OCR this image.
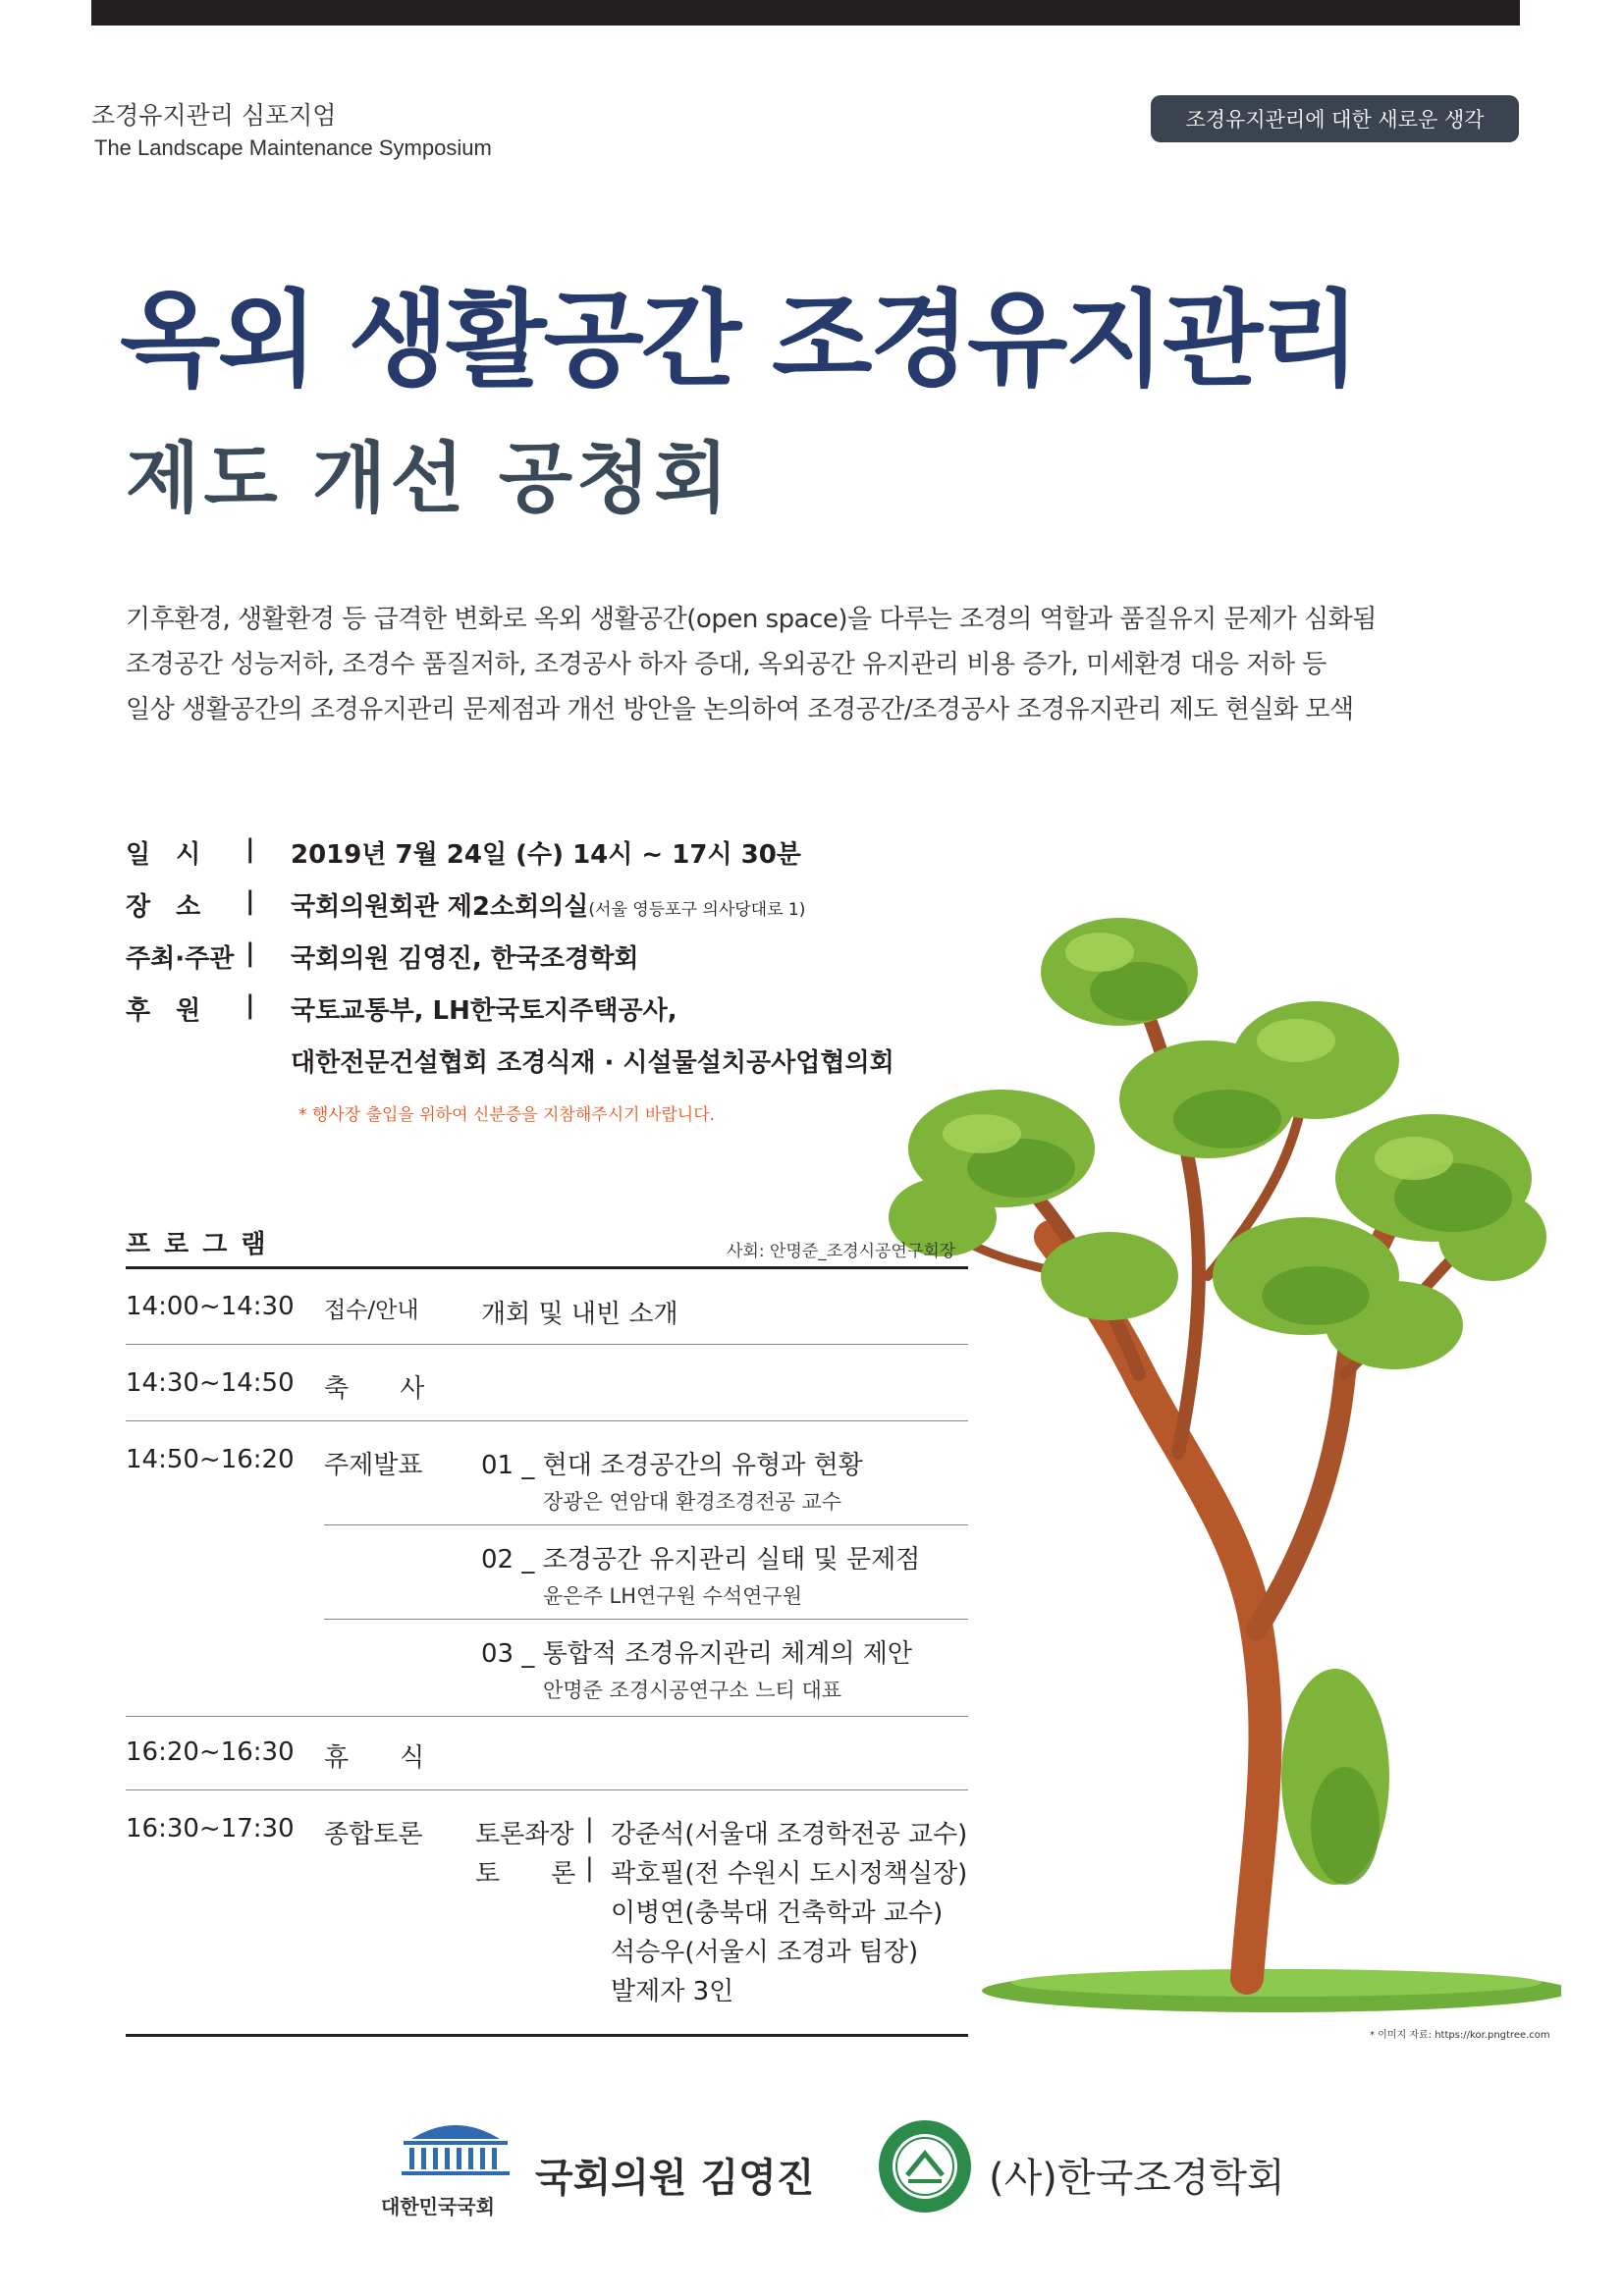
조경유지관리 심포지엄
The Landscape Maintenance Symposium
조경유지관리에 대한 새로운 생각
옥외 생활공간 조경유지관리
제도 개선 공청회
기후환경, 생활환경 등 급격한 변화로 옥외 생활공간(open space)을 다루는 조경의 역할과 품질유지 문제가 심화됨
조경공간 성능저하, 조경수 품질저하, 조경공사 하자 증대, 옥외공간 유지관리 비용 증가, 미세환경 대응 저하 등
일상 생활공간의 조경유지관리 문제점과 개선 방안을 논의하여 조경공간/조경공사 조경유지관리 제도 현실화 모색
일　시 | 2019년 7월 24일 (수) 14시 ~ 17시 30분
장　소 | 국회의원회관 제2소회의실(서울 영등포구 의사당대로 1)
주최·주관 | 국회의원 김영진, 한국조경학회
후　원 | 국토교통부, LH한국토지주택공사,
대한전문건설협회 조경식재 · 시설물설치공사업협의회
* 행사장 출입을 위하여 신분증을 지참해주시기 바랍니다.
프로그램	사회: 안명준_조경시공연구회장
14:00~14:30 접수/안내 개회 및 내빈 소개
14:30~14:50 축　　사
14:50~16:20 주제발표 01 _ 현대 조경공간의 유형과 현황
장광은 연암대 환경조경전공 교수
02 _ 조경공간 유지관리 실태 및 문제점
윤은주 LH연구원 수석연구원
03 _ 통합적 조경유지관리 체계의 제안
안명준 조경시공연구소 느티 대표
16:20~16:30 휴　　식
16:30~17:30 종합토론 토론좌장 | 강준석(서울대 조경학전공 교수)
토　　론 | 곽호필(전 수원시 도시정책실장)
이병연(충북대 건축학과 교수)
석승우(서울시 조경과 팀장)
발제자 3인
* 이미지 자료: https://kor.pngtree.com
대한민국국회
국회의원 김영진	(사)한국조경학회
